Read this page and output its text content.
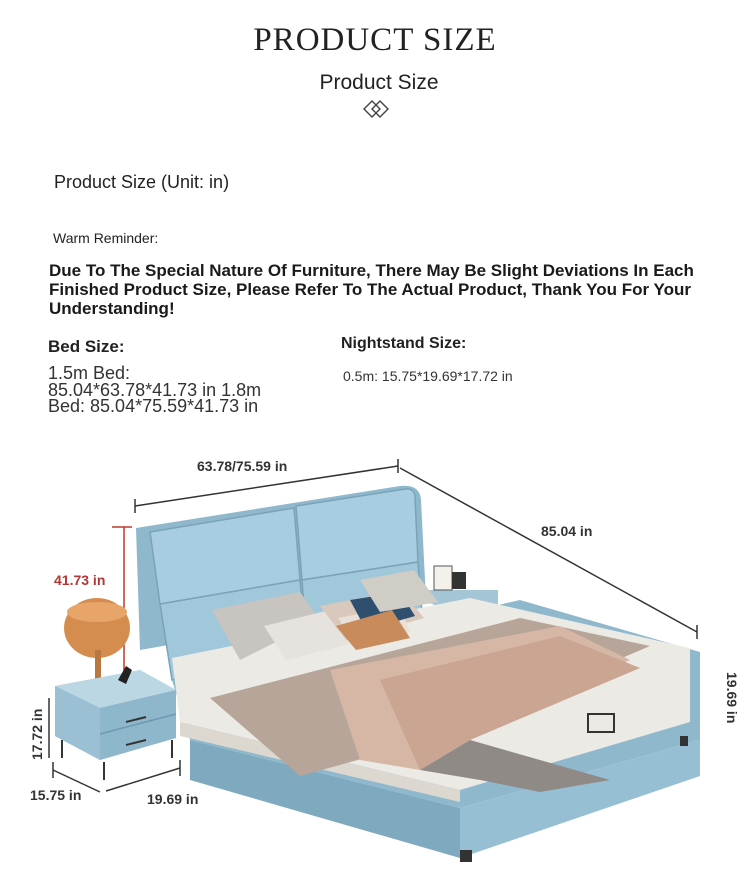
PRODUCT SIZE
Product Size
Product Size (Unit: in)
Warm Reminder:
Due To The Special Nature Of Furniture, There May Be Slight Deviations In Each Finished Product Size, Please Refer To The Actual Product, Thank You For Your Understanding!
Bed Size:
1.5m Bed:
85.04*63.78*41.73 in 1.8m
Bed: 85.04*75.59*41.73 in
Nightstand Size:
0.5m: 15.75*19.69*17.72 in
63.78/75.59 in
85.04 in
41.73 in
19.69 in
17.72 in
15.75 in	19.69 in
